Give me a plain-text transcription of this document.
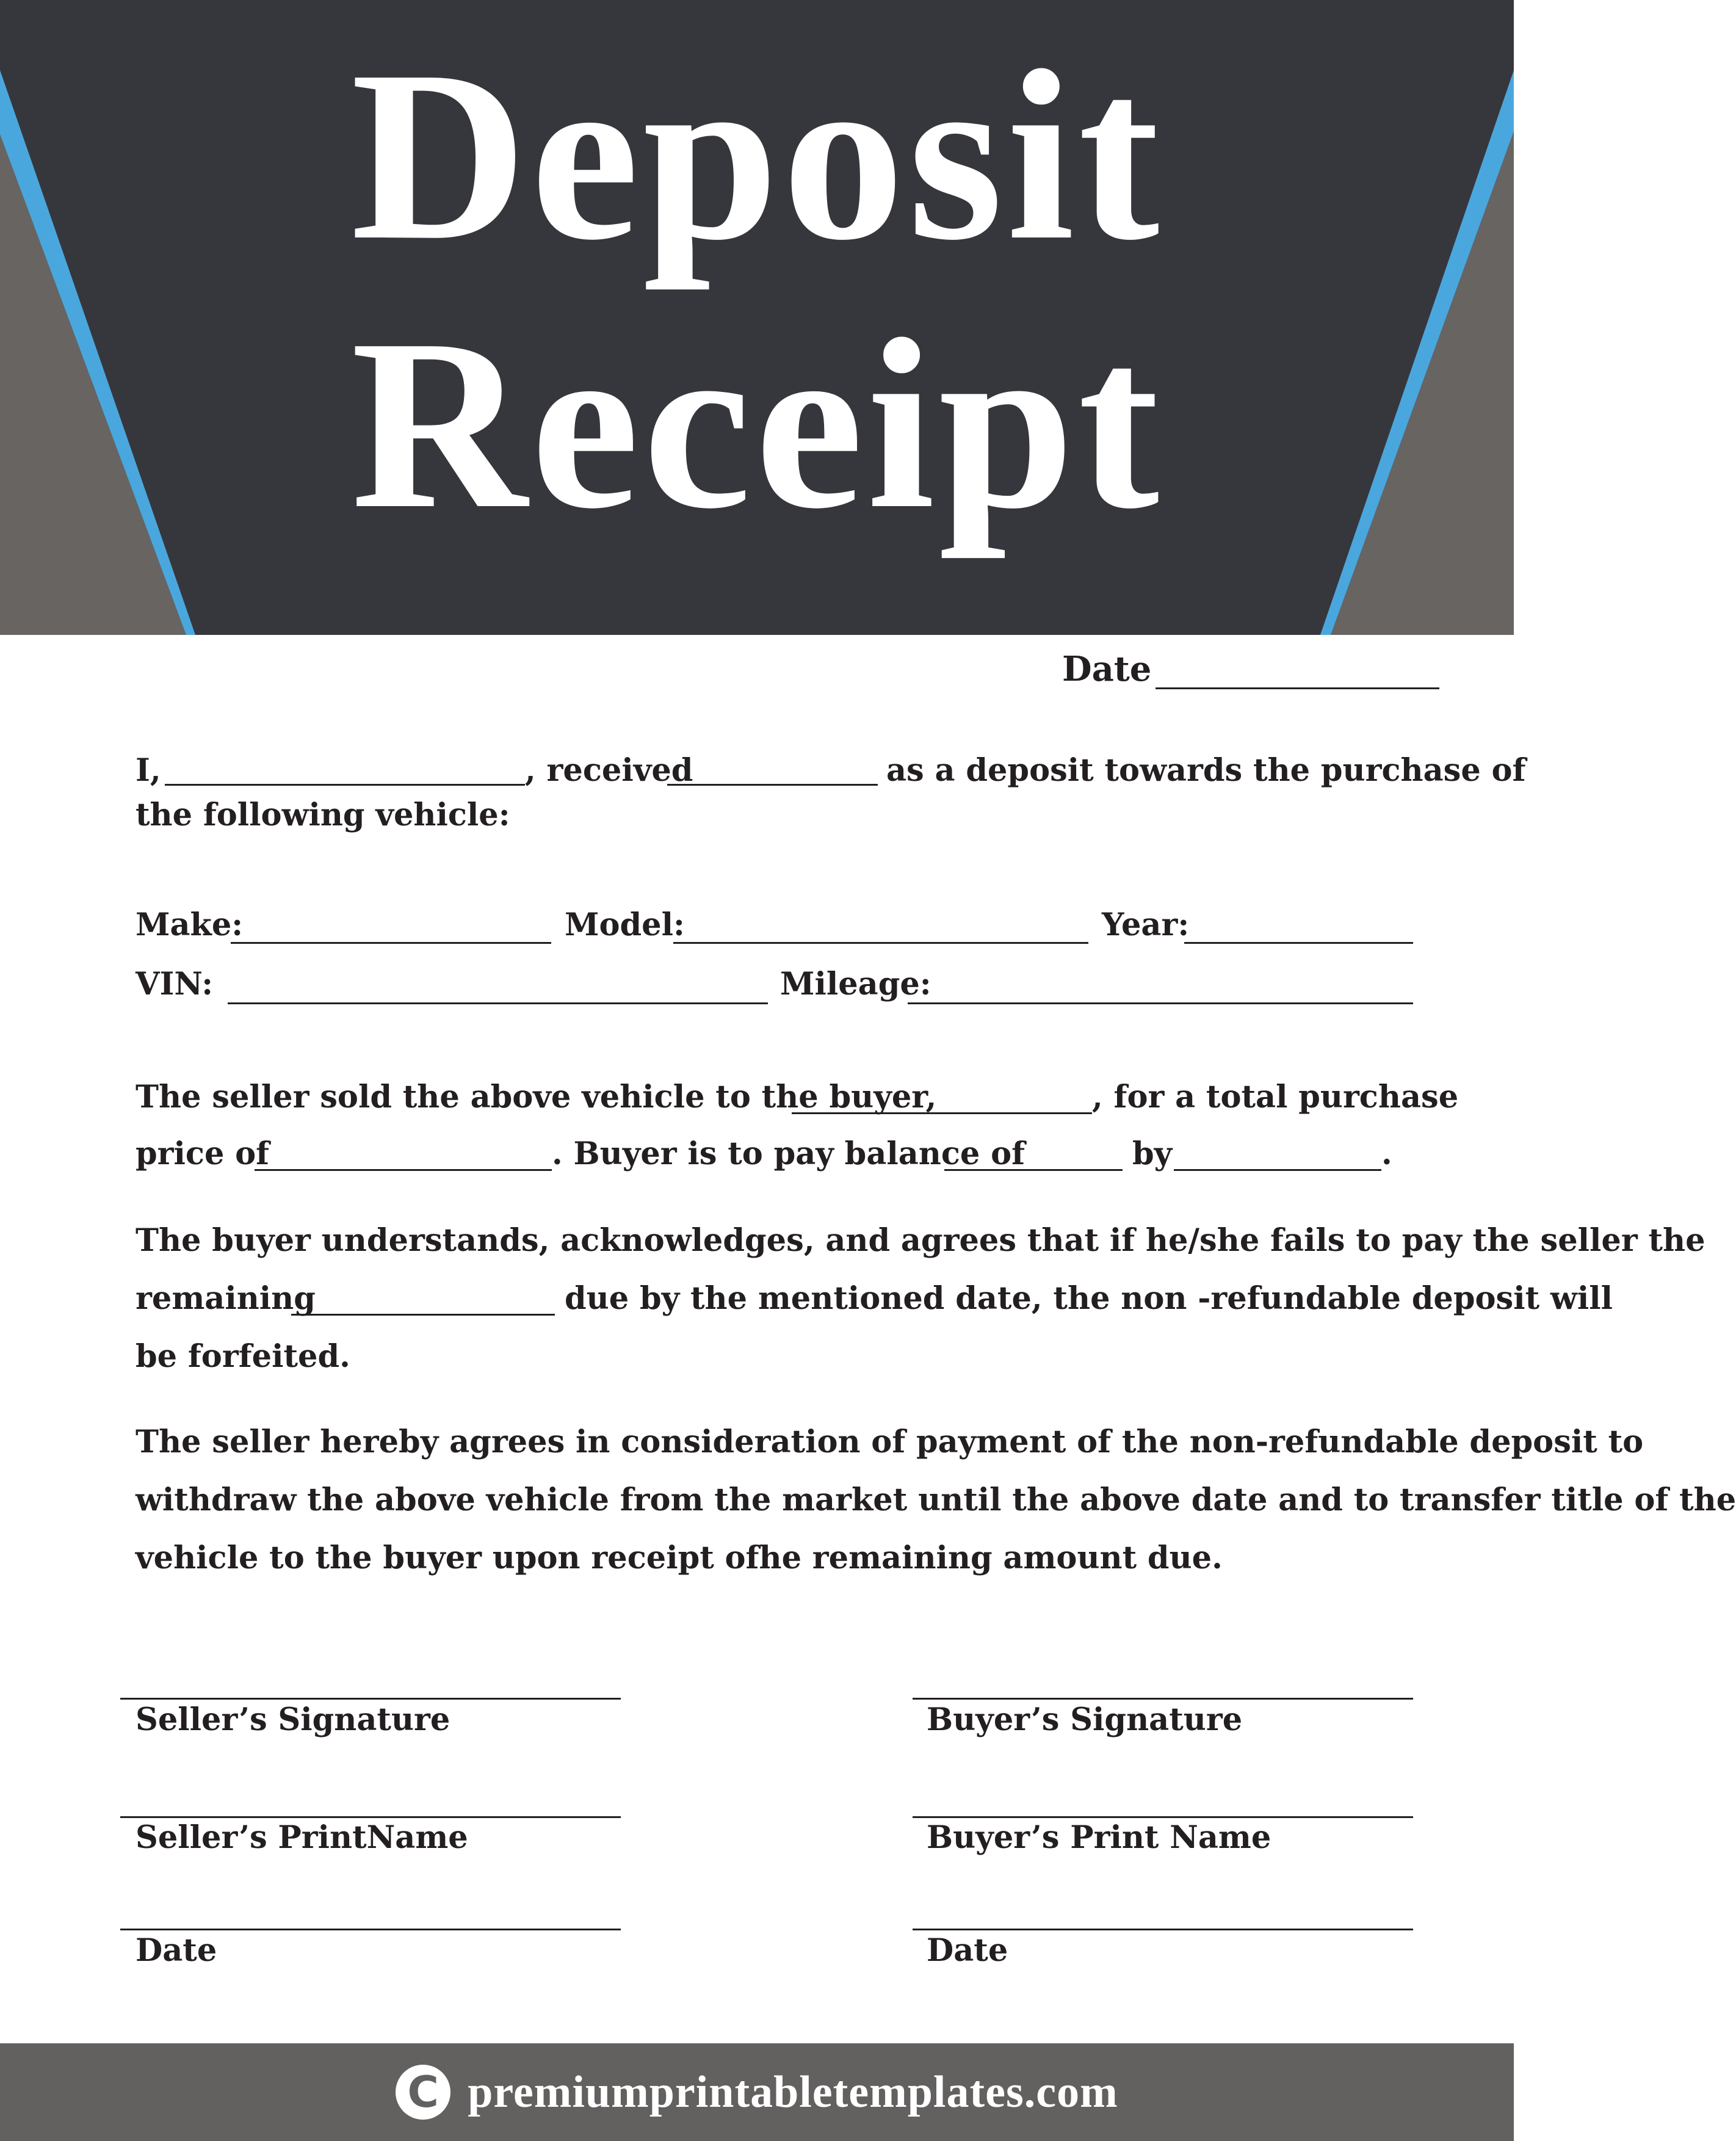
Deposit
Receipt
Date
I,	, received	as a deposit towards the purchase of
the following vehicle:
Make:	Model:	Year:
VIN:	Mileage:
The seller sold the above vehicle to the buyer,	, for a total purchase
price of	. Buyer is to pay balance of	by	.
The buyer understands, acknowledges, and agrees that if he/she fails to pay the seller the
remaining	due by the mentioned date, the non -refundable deposit will
be forfeited.
The seller hereby agrees in consideration of payment of the non-refundable deposit to
withdraw the above vehicle from the market until the above date and to transfer title of the
vehicle to the buyer upon receipt ofhe remaining amount due.
Seller’s Signature	Buyer’s Signature
Seller’s PrintName	Buyer’s Print Name
Date	Date
C premiumprintabletemplates.com
